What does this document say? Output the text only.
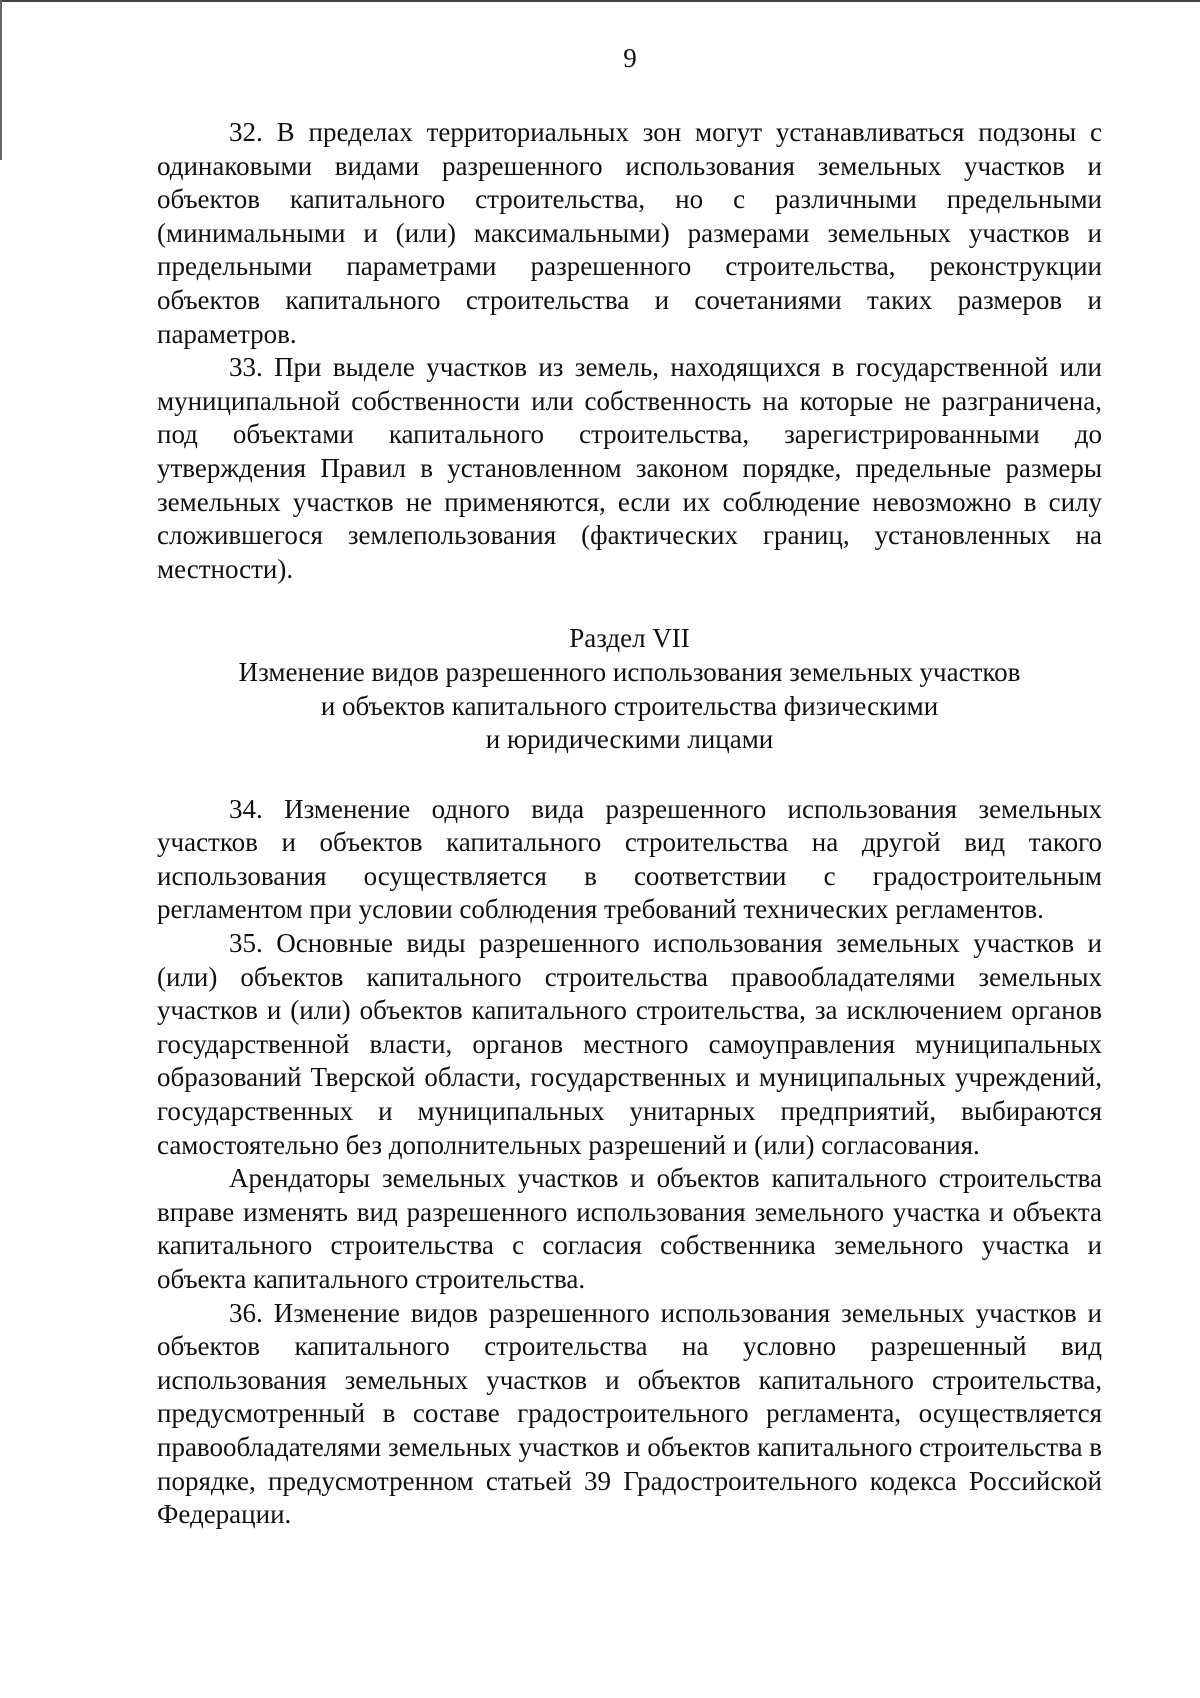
9

32. В пределах территориальных зон могут устанавливаться подзоны с одинаковыми видами разрешенного использования земельных участков и объектов капитального строительства, но с различными предельными (минимальными и (или) максимальными) размерами земельных участков и предельными параметрами разрешенного строительства, реконструкции объектов капитального строительства и сочетаниями таких размеров и параметров.

33. При выделе участков из земель, находящихся в государственной или муниципальной собственности или собственность на которые не разграничена, под объектами капитального строительства, зарегистрированными до утверждения Правил в установленном законом порядке, предельные размеры земельных участков не применяются, если их соблюдение невозможно в силу сложившегося землепользования (фактических границ, установленных на местности).

Раздел VII

Изменение видов разрешенного использования земельных участков

и объектов капитального строительства физическими

и юридическими лицами

34. Изменение одного вида разрешенного использования земельных участков и объектов капитального строительства на другой вид такого использования осуществляется в соответствии с градостроительным регламентом при условии соблюдения требований технических регламентов.

35. Основные виды разрешенного использования земельных участков и (или) объектов капитального строительства правообладателями земельных участков и (или) объектов капитального строительства, за исключением органов государственной власти, органов местного самоуправления муниципальных образований Тверской области, государственных и муниципальных учреждений, государственных и муниципальных унитарных предприятий, выбираются самостоятельно без дополнительных разрешений и (или) согласования.

Арендаторы земельных участков и объектов капитального строительства вправе изменять вид разрешенного использования земельного участка и объекта капитального строительства с согласия собственника земельного участка и объекта капитального строительства.

36. Изменение видов разрешенного использования земельных участков и объектов капитального строительства на условно разрешенный вид использования земельных участков и объектов капитального строительства, предусмотренный в составе градостроительного регламента, осуществляется правообладателями земельных участков и объектов капитального строительства в порядке, предусмотренном статьей 39 Градостроительного кодекса Российской Федерации.
